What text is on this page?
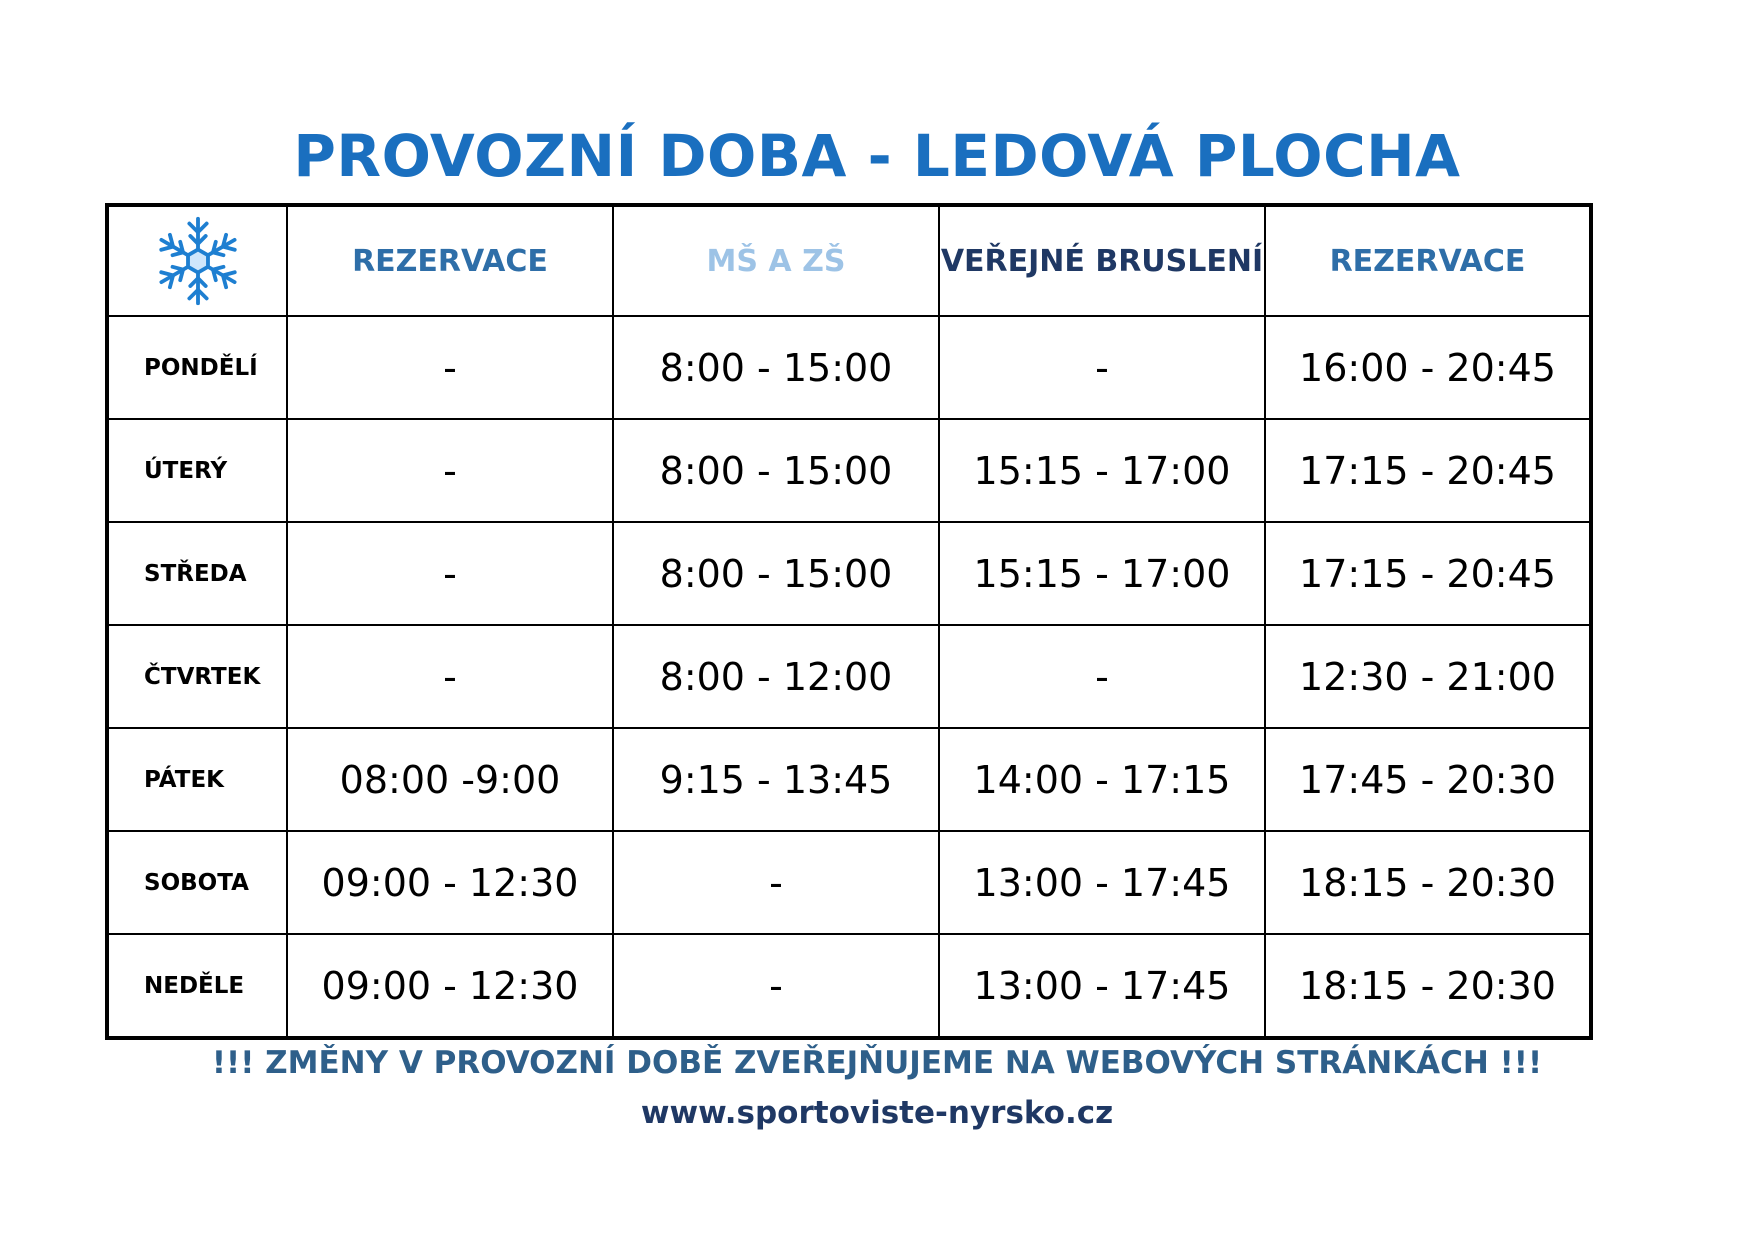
PROVOZNÍ DOBA - LEDOVÁ PLOCHA
	REZERVACE	MŠ A ZŠ	VEŘEJNÉ BRUSLENÍ	REZERVACE
PONDĚLÍ	-	8:00 - 15:00	-	16:00 - 20:45
ÚTERÝ	-	8:00 - 15:00	15:15 - 17:00	17:15 - 20:45
STŘEDA	-	8:00 - 15:00	15:15 - 17:00	17:15 - 20:45
ČTVRTEK	-	8:00 - 12:00	-	12:30 - 21:00
PÁTEK	08:00 -9:00	9:15 - 13:45	14:00 - 17:15	17:45 - 20:30
SOBOTA	09:00 - 12:30	-	13:00 - 17:45	18:15 - 20:30
NEDĚLE	09:00 - 12:30	-	13:00 - 17:45	18:15 - 20:30
!!! ZMĚNY V PROVOZNÍ DOBĚ ZVEŘEJŇUJEME NA WEBOVÝCH STRÁNKÁCH !!!
www.sportoviste-nyrsko.cz
